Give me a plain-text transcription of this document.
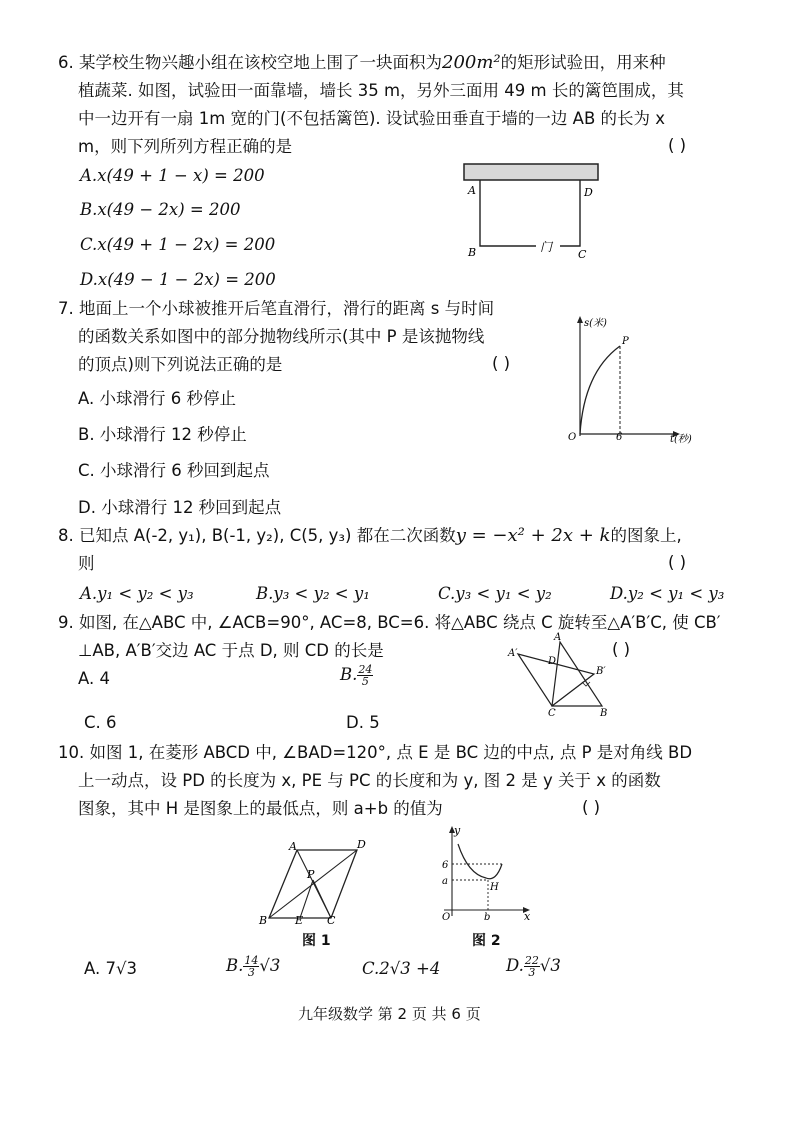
6. 某学校生物兴趣小组在该校空地上围了一块面积为200m²的矩形试验田，用来种
植蔬菜. 如图，试验田一面靠墙，墙长 35 m，另外三面用 49 m 长的篱笆围成，其
中一边开有一扇 1m 宽的门(不包括篱笆). 设试验田垂直于墙的一边 AB 的长为 x
m，则下列所列方程正确的是	( )
A.x(49 + 1 − x) = 200
B.x(49 − 2x) = 200
C.x(49 + 1 − 2x) = 200
D.x(49 − 1 − 2x) = 200
A	D
B	C
门
7. 地面上一个小球被推开后笔直滑行，滑行的距离 s 与时间
的函数关系如图中的部分抛物线所示(其中 P 是该抛物线
的顶点)则下列说法正确的是	( )
A. 小球滑行 6 秒停止
B. 小球滑行 12 秒停止
C. 小球滑行 6 秒回到起点
D. 小球滑行 12 秒回到起点
s(米)
P
O	6	t(秒)
8. 已知点 A(-2, y₁), B(-1, y₂), C(5, y₃) 都在二次函数y = −x² + 2x + k的图象上,
则	( )
A.y₁ < y₂ < y₃	B.y₃ < y₂ < y₁	C.y₃ < y₁ < y₂	D.y₂ < y₁ < y₃
9. 如图, 在△ABC 中, ∠ACB=90°, AC=8, BC=6. 将△ABC 绕点 C 旋转至△A′B′C, 使 CB′
⊥AB, A′B′交边 AC 于点 D, 则 CD 的长是	( )
A. 4	B. $\frac{24}{5}$
C. 6	D. 5
A
A′
D
B′
C	B
10. 如图 1, 在菱形 ABCD 中, ∠BAD=120°, 点 E 是 BC 边的中点, 点 P 是对角线 BD
上一动点，设 PD 的长度为 x, PE 与 PC 的长度和为 y, 图 2 是 y 关于 x 的函数
图象，其中 H 是图象上的最低点，则 a+b 的值为	( )
A	D
P
B	E C
图 1
y
6
a
H
O	b	x
图 2
A. 7√3	B. $\frac{14}{3} √3$	C.2√3 +4	D. $\frac{22}{3} √3$
九年级数学 第 2 页 共 6 页
